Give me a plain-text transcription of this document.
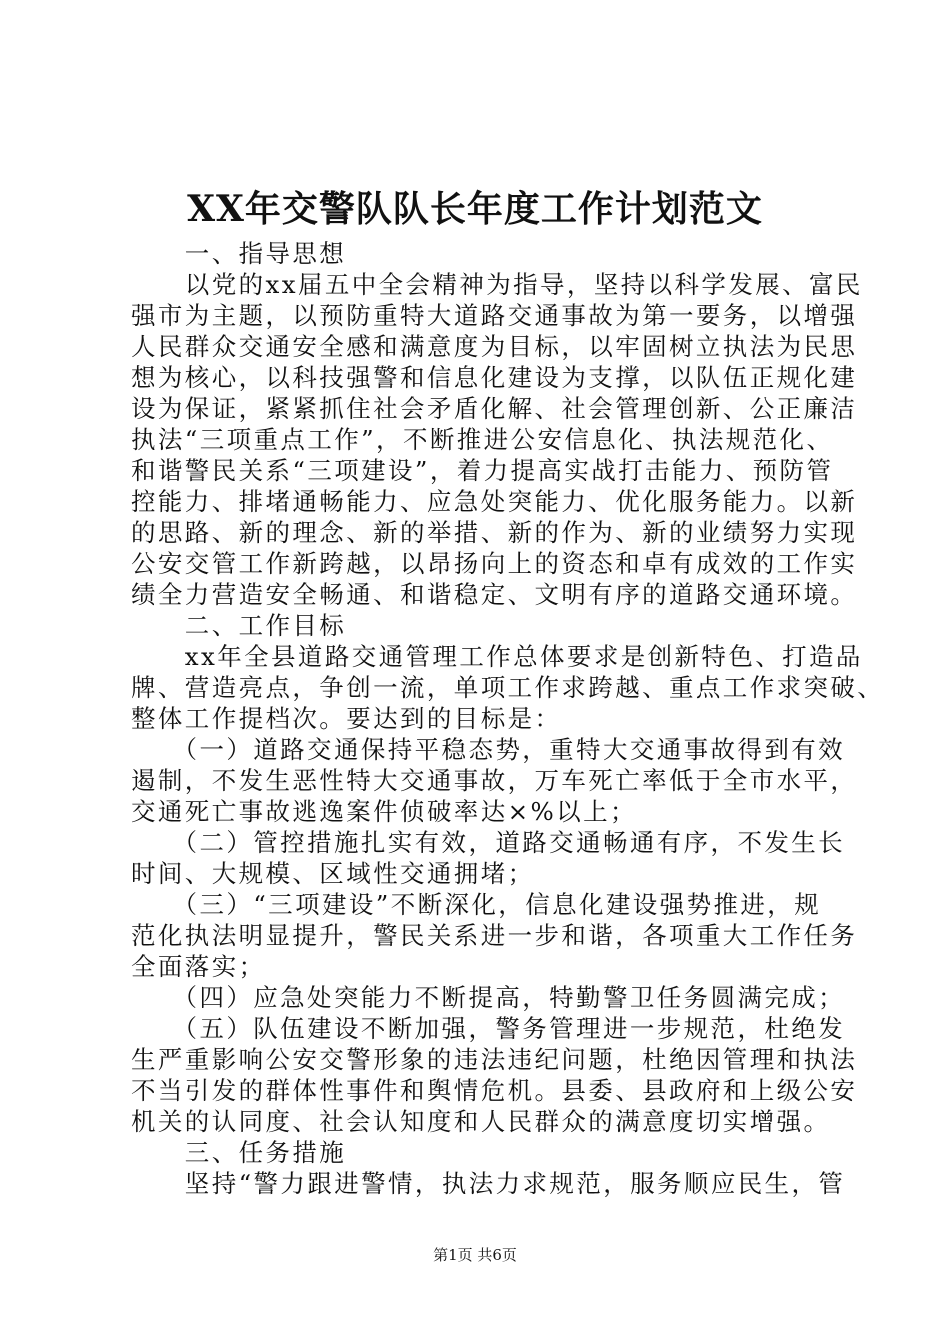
XX年交警队队长年度工作计划范文
　　一、指导思想
　　以党的xx届五中全会精神为指导，坚持以科学发展、富民
强市为主题，以预防重特大道路交通事故为第一要务，以增强
人民群众交通安全感和满意度为目标，以牢固树立执法为民思
想为核心，以科技强警和信息化建设为支撑，以队伍正规化建
设为保证，紧紧抓住社会矛盾化解、社会管理创新、公正廉洁
执法“三项重点工作”，不断推进公安信息化、执法规范化、
和谐警民关系“三项建设”，着力提高实战打击能力、预防管
控能力、排堵通畅能力、应急处突能力、优化服务能力。以新
的思路、新的理念、新的举措、新的作为、新的业绩努力实现
公安交管工作新跨越，以昂扬向上的资态和卓有成效的工作实
绩全力营造安全畅通、和谐稳定、文明有序的道路交通环境。
　　二、工作目标
　　xx年全县道路交通管理工作总体要求是创新特色、打造品
牌、营造亮点，争创一流，单项工作求跨越、重点工作求突破、
整体工作提档次。要达到的目标是：
　　（一）道路交通保持平稳态势，重特大交通事故得到有效
遏制，不发生恶性特大交通事故，万车死亡率低于全市水平，
交通死亡事故逃逸案件侦破率达×%以上；
　　（二）管控措施扎实有效，道路交通畅通有序，不发生长
时间、大规模、区域性交通拥堵；
　　（三）“三项建设”不断深化，信息化建设强势推进，规
范化执法明显提升，警民关系进一步和谐，各项重大工作任务
全面落实；
　　（四）应急处突能力不断提高，特勤警卫任务圆满完成；
　　（五）队伍建设不断加强，警务管理进一步规范，杜绝发
生严重影响公安交警形象的违法违纪问题，杜绝因管理和执法
不当引发的群体性事件和舆情危机。县委、县政府和上级公安
机关的认同度、社会认知度和人民群众的满意度切实增强。
　　三、任务措施
　　坚持“警力跟进警情，执法力求规范，服务顺应民生，管
第1页 共6页
